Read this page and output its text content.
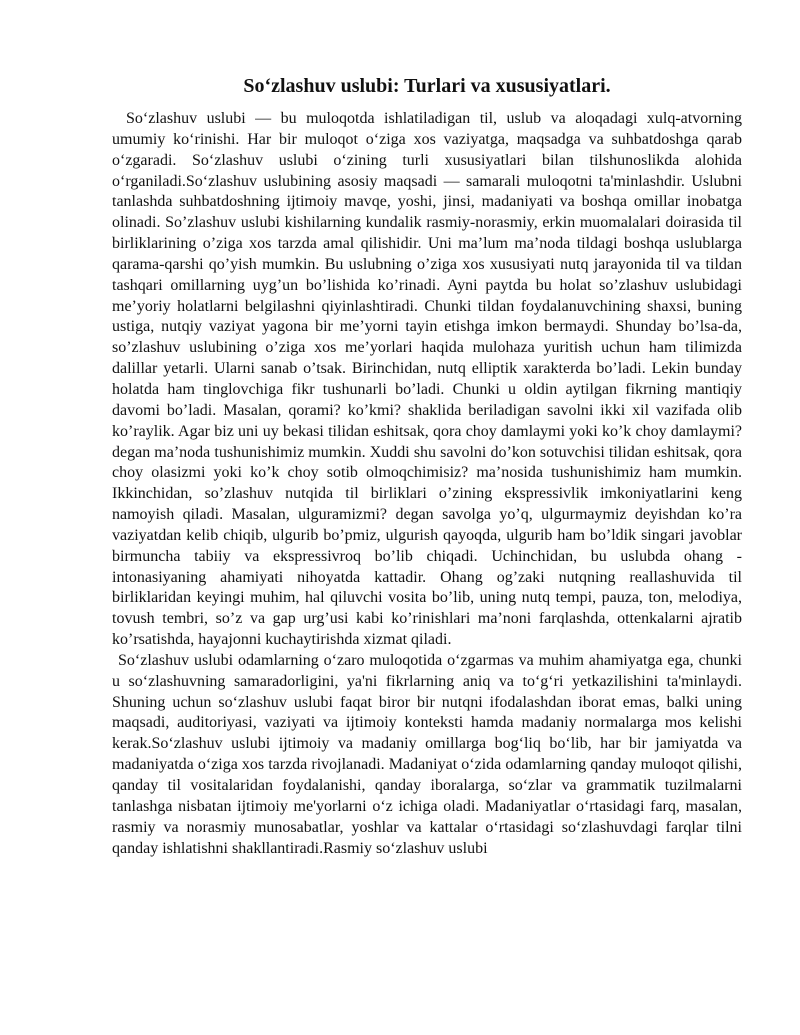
So‘zlashuv uslubi: Turlari va xususiyatlari.

So‘zlashuv uslubi — bu muloqotda ishlatiladigan til, uslub va aloqadagi xulq-atvorning umumiy ko‘rinishi. Har bir muloqot o‘ziga xos vaziyatga, maqsadga va suhbatdoshga qarab o‘zgaradi. So‘zlashuv uslubi o‘zining turli xususiyatlari bilan tilshunoslikda alohida o‘rganiladi.So‘zlashuv uslubining asosiy maqsadi — samarali muloqotni ta'minlashdir. Uslubni tanlashda suhbatdoshning ijtimoiy mavqe, yoshi, jinsi, madaniyati va boshqa omillar inobatga olinadi. So’zlashuv uslubi kishilarning kundalik rasmiy-norasmiy, erkin muomalalari doirasida til birliklarining o’ziga xos tarzda amal qilishidir. Uni ma’lum ma’noda tildagi boshqa uslublarga qarama-qarshi qo’yish mumkin. Bu uslubning o’ziga xos xususiyati nutq jarayonida til va tildan tashqari omillarning uyg’un bo’lishida ko’rinadi. Ayni paytda bu holat so’zlashuv uslubidagi me’yoriy holatlarni belgilashni qiyinlashtiradi. Chunki tildan foydalanuvchining shaxsi, buning ustiga, nutqiy vaziyat yagona bir me’yorni tayin etishga imkon bermaydi. Shunday bo’lsa-da, so’zlashuv uslubining o’ziga xos me’yorlari haqida mulohaza yuritish uchun ham tilimizda dalillar yetarli. Ularni sanab o’tsak. Birinchidan, nutq elliptik xarakterda bo’ladi. Lekin bunday holatda ham tinglovchiga fikr tushunarli bo’ladi. Chunki u oldin aytilgan fikrning mantiqiy davomi bo’ladi. Masalan, qorami? ko’kmi? shaklida beriladigan savolni ikki xil vazifada olib ko’raylik. Agar biz uni uy bekasi tilidan eshitsak, qora choy damlaymi yoki ko’k choy damlaymi? degan ma’noda tushunishimiz mumkin. Xuddi shu savolni do’kon sotuvchisi tilidan eshitsak, qora choy olasizmi yoki ko’k choy sotib olmoqchimisiz? ma’nosida tushunishimiz ham mumkin. Ikkinchidan, so’zlashuv nutqida til birliklari o’zining ekspressivlik imkoniyatlarini keng namoyish qiladi. Masalan, ulguramizmi? degan savolga yo’q, ulgurmaymiz deyishdan ko’ra vaziyatdan kelib chiqib, ulgurib bo’pmiz, ulgurish qayoqda, ulgurib ham bo’ldik singari javoblar birmuncha tabiiy va ekspressivroq bo’lib chiqadi. Uchinchidan, bu uslubda ohang - intonasiyaning ahamiyati nihoyatda kattadir. Ohang og’zaki nutqning reallashuvida til birliklaridan keyingi muhim, hal qiluvchi vosita bo’lib, uning nutq tempi, pauza, ton, melodiya, tovush tembri, so’z va gap urg’usi kabi ko’rinishlari ma’noni farqlashda, ottenkalarni ajratib ko’rsatishda, hayajonni kuchaytirishda xizmat qiladi.

So‘zlashuv uslubi odamlarning o‘zaro muloqotida o‘zgarmas va muhim ahamiyatga ega, chunki u so‘zlashuvning samaradorligini, ya'ni fikrlarning aniq va to‘g‘ri yetkazilishini ta'minlaydi. Shuning uchun so‘zlashuv uslubi faqat biror bir nutqni ifodalashdan iborat emas, balki uning maqsadi, auditoriyasi, vaziyati va ijtimoiy konteksti hamda madaniy normalarga mos kelishi kerak.So‘zlashuv uslubi ijtimoiy va madaniy omillarga bog‘liq bo‘lib, har bir jamiyatda va madaniyatda o‘ziga xos tarzda rivojlanadi. Madaniyat o‘zida odamlarning qanday muloqot qilishi, qanday til vositalaridan foydalanishi, qanday iboralarga, so‘zlar va grammatik tuzilmalarni tanlashga nisbatan ijtimoiy me'yorlarni o‘z ichiga oladi. Madaniyatlar o‘rtasidagi farq, masalan, rasmiy va norasmiy munosabatlar, yoshlar va kattalar o‘rtasidagi so‘zlashuvdagi farqlar tilni qanday ishlatishni shakllantiradi.Rasmiy so‘zlashuv uslubi
